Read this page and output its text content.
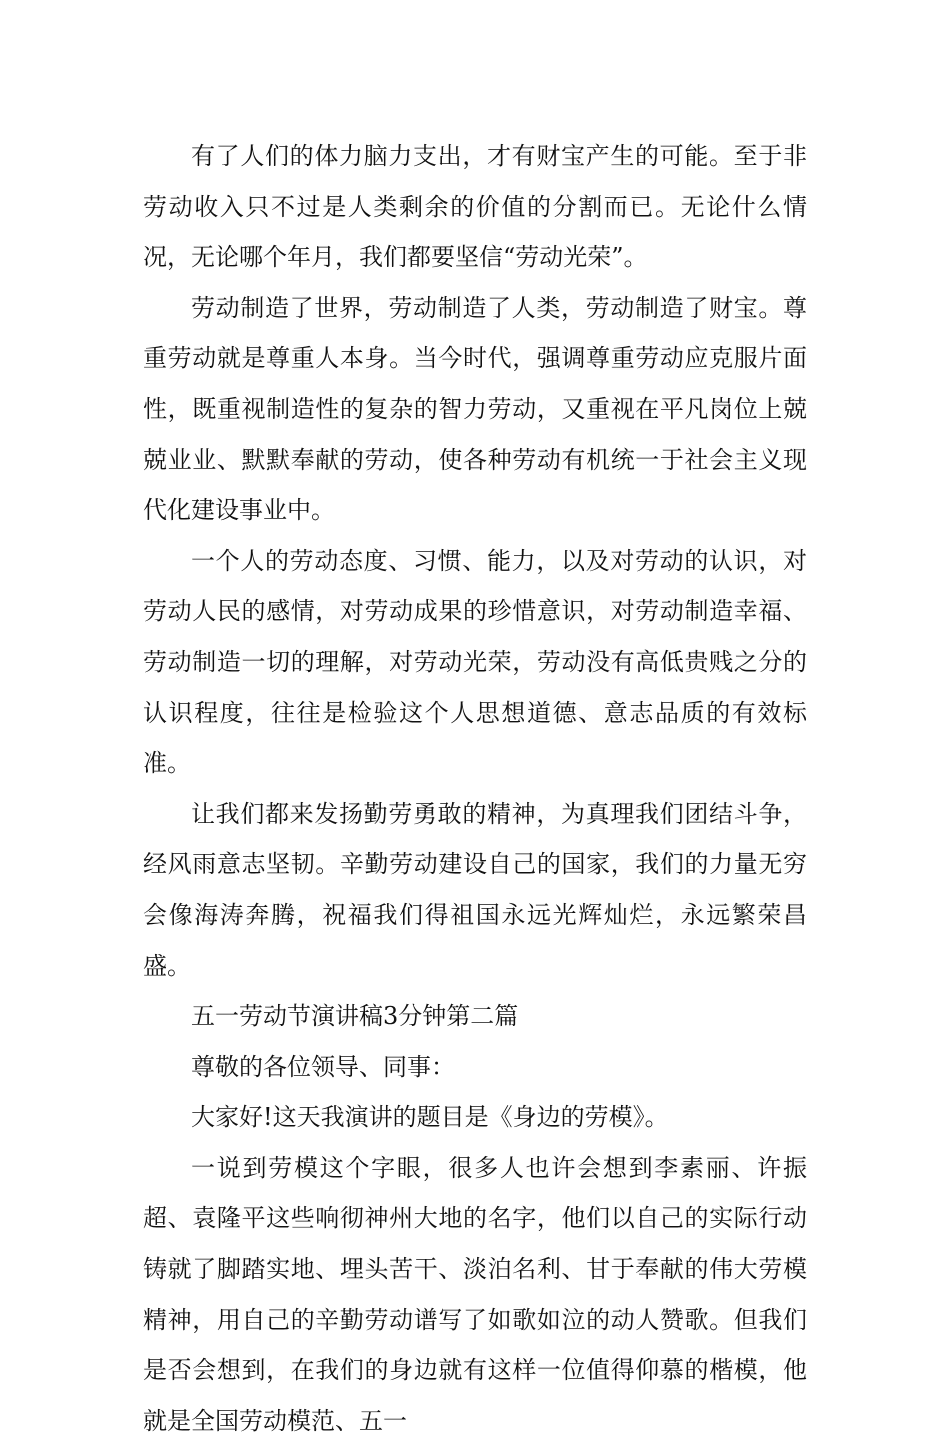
有了人们的体力脑力支出，才有财宝产生的可能。至于非劳动收入只不过是人类剩余的价值的分割而已。无论什么情况，无论哪个年月，我们都要坚信“劳动光荣”。

劳动制造了世界，劳动制造了人类，劳动制造了财宝。尊重劳动就是尊重人本身。当今时代，强调尊重劳动应克服片面性，既重视制造性的复杂的智力劳动，又重视在平凡岗位上兢兢业业、默默奉献的劳动，使各种劳动有机统一于社会主义现代化建设事业中。

一个人的劳动态度、习惯、能力，以及对劳动的认识，对劳动人民的感情，对劳动成果的珍惜意识，对劳动制造幸福、劳动制造一切的理解，对劳动光荣，劳动没有高低贵贱之分的认识程度，往往是检验这个人思想道德、意志品质的有效标准。

让我们都来发扬勤劳勇敢的精神，为真理我们团结斗争，经风雨意志坚韧。辛勤劳动建设自己的国家，我们的力量无穷会像海涛奔腾，祝福我们得祖国永远光辉灿烂，永远繁荣昌盛。

五一劳动节演讲稿3分钟第二篇

尊敬的各位领导、同事：

大家好!这天我演讲的题目是《身边的劳模》。

一说到劳模这个字眼，很多人也许会想到李素丽、许振超、袁隆平这些响彻神州大地的名字，他们以自己的实际行动铸就了脚踏实地、埋头苦干、淡泊名利、甘于奉献的伟大劳模精神，用自己的辛勤劳动谱写了如歌如泣的动人赞歌。但我们是否会想到，在我们的身边就有这样一位值得仰慕的楷模，他就是全国劳动模范、五一
